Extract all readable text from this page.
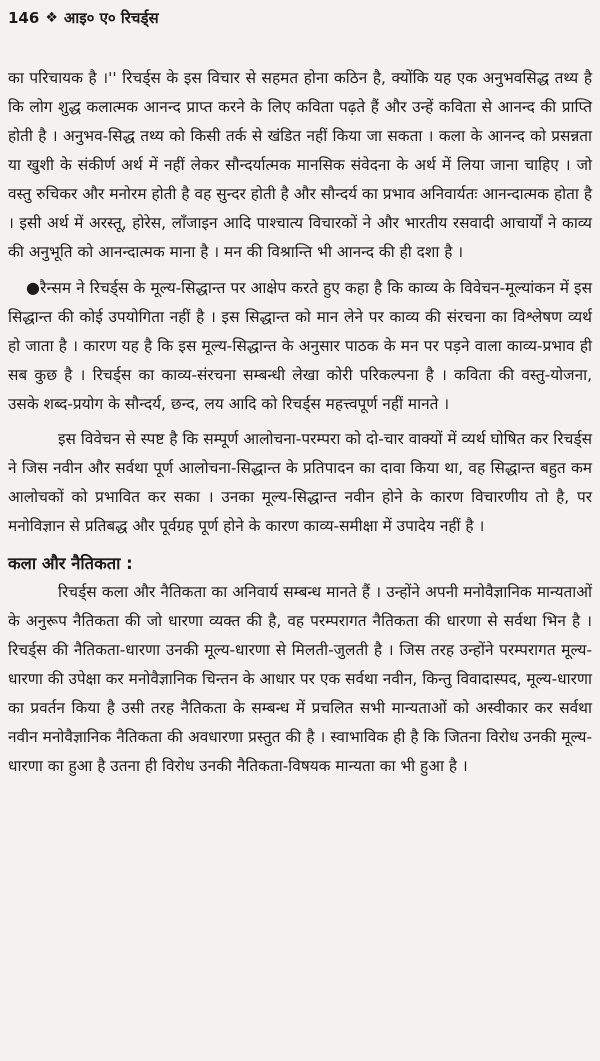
146 ❖ आइ० ए० रिचर्ड्स

का परिचायक है ।'' रिचर्ड्स के इस विचार से सहमत होना कठिन है, क्योंकि यह एक अनुभवसिद्ध तथ्य है कि लोग शुद्ध कलात्मक आनन्द प्राप्त करने के लिए कविता पढ़ते हैं और उन्हें कविता से आनन्द की प्राप्ति होती है । अनुभव-सिद्ध तथ्य को किसी तर्क से खंडित नहीं किया जा सकता । कला के आनन्द को प्रसन्नता या खुशी के संकीर्ण अर्थ में नहीं लेकर सौन्दर्यात्मक मानसिक संवेदना के अर्थ में लिया जाना चाहिए । जो वस्तु रुचिकर और मनोरम होती है वह सुन्दर होती है और सौन्दर्य का प्रभाव अनिवार्यतः आनन्दात्मक होता है । इसी अर्थ में अरस्तू, होरेस, लाँजाइन आदि पाश्चात्य विचारकों ने और भारतीय रसवादी आचार्यों ने काव्य की अनुभूति को आनन्दात्मक माना है । मन की विश्रान्ति भी आनन्द की ही दशा है ।

●रैन्सम ने रिचर्ड्स के मूल्य-सिद्धान्त पर आक्षेप करते हुए कहा है कि काव्य के विवेचन-मूल्यांकन में इस सिद्धान्त की कोई उपयोगिता नहीं है । इस सिद्धान्त को मान लेने पर काव्य की संरचना का विश्लेषण व्यर्थ हो जाता है । कारण यह है कि इस मूल्य-सिद्धान्त के अनुसार पाठक के मन पर पड़ने वाला काव्य-प्रभाव ही सब कुछ है । रिचर्ड्स का काव्य-संरचना सम्बन्धी लेखा कोरी परिकल्पना है । कविता की वस्तु-योजना, उसके शब्द-प्रयोग के सौन्दर्य, छन्द, लय आदि को रिचर्ड्स महत्त्वपूर्ण नहीं मानते ।

इस विवेचन से स्पष्ट है कि सम्पूर्ण आलोचना-परम्परा को दो-चार वाक्यों में व्यर्थ घोषित कर रिचर्ड्स ने जिस नवीन और सर्वथा पूर्ण आलोचना-सिद्धान्त के प्रतिपादन का दावा किया था, वह सिद्धान्त बहुत कम आलोचकों को प्रभावित कर सका । उनका मूल्य-सिद्धान्त नवीन होने के कारण विचारणीय तो है, पर मनोविज्ञान से प्रतिबद्ध और पूर्वग्रह पूर्ण होने के कारण काव्य-समीक्षा में उपादेय नहीं है ।

कला और नैतिकता :

रिचर्ड्स कला और नैतिकता का अनिवार्य सम्बन्ध मानते हैं । उन्होंने अपनी मनोवैज्ञानिक मान्यताओं के अनुरूप नैतिकता की जो धारणा व्यक्त की है, वह परम्परागत नैतिकता की धारणा से सर्वथा भिन है । रिचर्ड्स की नैतिकता-धारणा उनकी मूल्य-धारणा से मिलती-जुलती है । जिस तरह उन्होंने परम्परागत मूल्य-धारणा की उपेक्षा कर मनोवैज्ञानिक चिन्तन के आधार पर एक सर्वथा नवीन, किन्तु विवादास्पद, मूल्य-धारणा का प्रवर्तन किया है उसी तरह नैतिकता के सम्बन्ध में प्रचलित सभी मान्यताओं को अस्वीकार कर सर्वथा नवीन मनोवैज्ञानिक नैतिकता की अवधारणा प्रस्तुत की है । स्वाभाविक ही है कि जितना विरोध उनकी मूल्य-धारणा का हुआ है उतना ही विरोध उनकी नैतिकता-विषयक मान्यता का भी हुआ है ।
